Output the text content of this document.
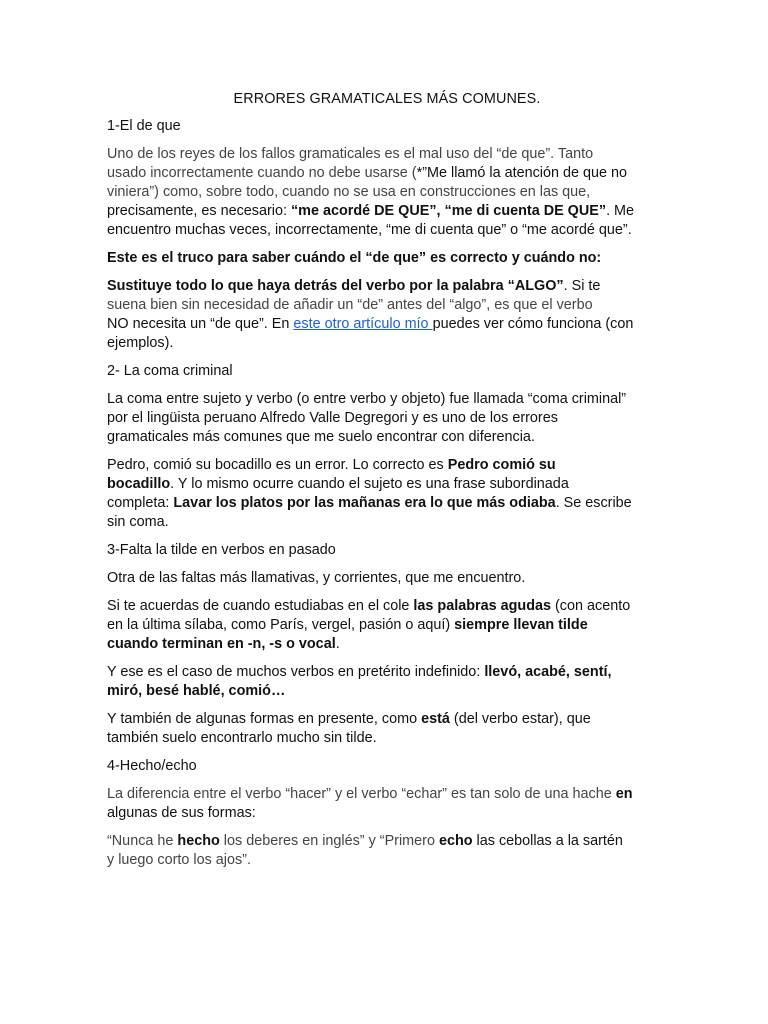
ERRORES GRAMATICALES MÁS COMUNES.

1-El de que

Uno de los reyes de los fallos gramaticales es el mal uso del “de que”. Tanto
usado incorrectamente cuando no debe usarse (*”Me llamó la atención de que no
viniera”) como, sobre todo, cuando no se usa en construcciones en las que,
precisamente, es necesario: “me acordé DE QUE”, “me di cuenta DE QUE”. Me
encuentro muchas veces, incorrectamente, “me di cuenta que” o “me acordé que”.

Este es el truco para saber cuándo el “de que” es correcto y cuándo no:

Sustituye todo lo que haya detrás del verbo por la palabra “ALGO”. Si te
suena bien sin necesidad de añadir un “de” antes del “algo”, es que el verbo
NO necesita un “de que”. En este otro artículo mío puedes ver cómo funciona (con
ejemplos).

2- La coma criminal

La coma entre sujeto y verbo (o entre verbo y objeto) fue llamada “coma criminal”
por el lingüista peruano Alfredo Valle Degregori y es uno de los errores
gramaticales más comunes que me suelo encontrar con diferencia.

Pedro, comió su bocadillo es un error. Lo correcto es Pedro comió su
bocadillo. Y lo mismo ocurre cuando el sujeto es una frase subordinada
completa: Lavar los platos por las mañanas era lo que más odiaba. Se escribe
sin coma.

3-Falta la tilde en verbos en pasado

Otra de las faltas más llamativas, y corrientes, que me encuentro.

Si te acuerdas de cuando estudiabas en el cole las palabras agudas (con acento
en la última sílaba, como París, vergel, pasión o aquí) siempre llevan tilde
cuando terminan en -n, -s o vocal.

Y ese es el caso de muchos verbos en pretérito indefinido: llevó, acabé, sentí,
miró, besé hablé, comió…

Y también de algunas formas en presente, como está (del verbo estar), que
también suelo encontrarlo mucho sin tilde.

4-Hecho/echo

La diferencia entre el verbo “hacer” y el verbo “echar” es tan solo de una hache en
algunas de sus formas:

“Nunca he hecho los deberes en inglés” y “Primero echo las cebollas a la sartén
y luego corto los ajos”.
